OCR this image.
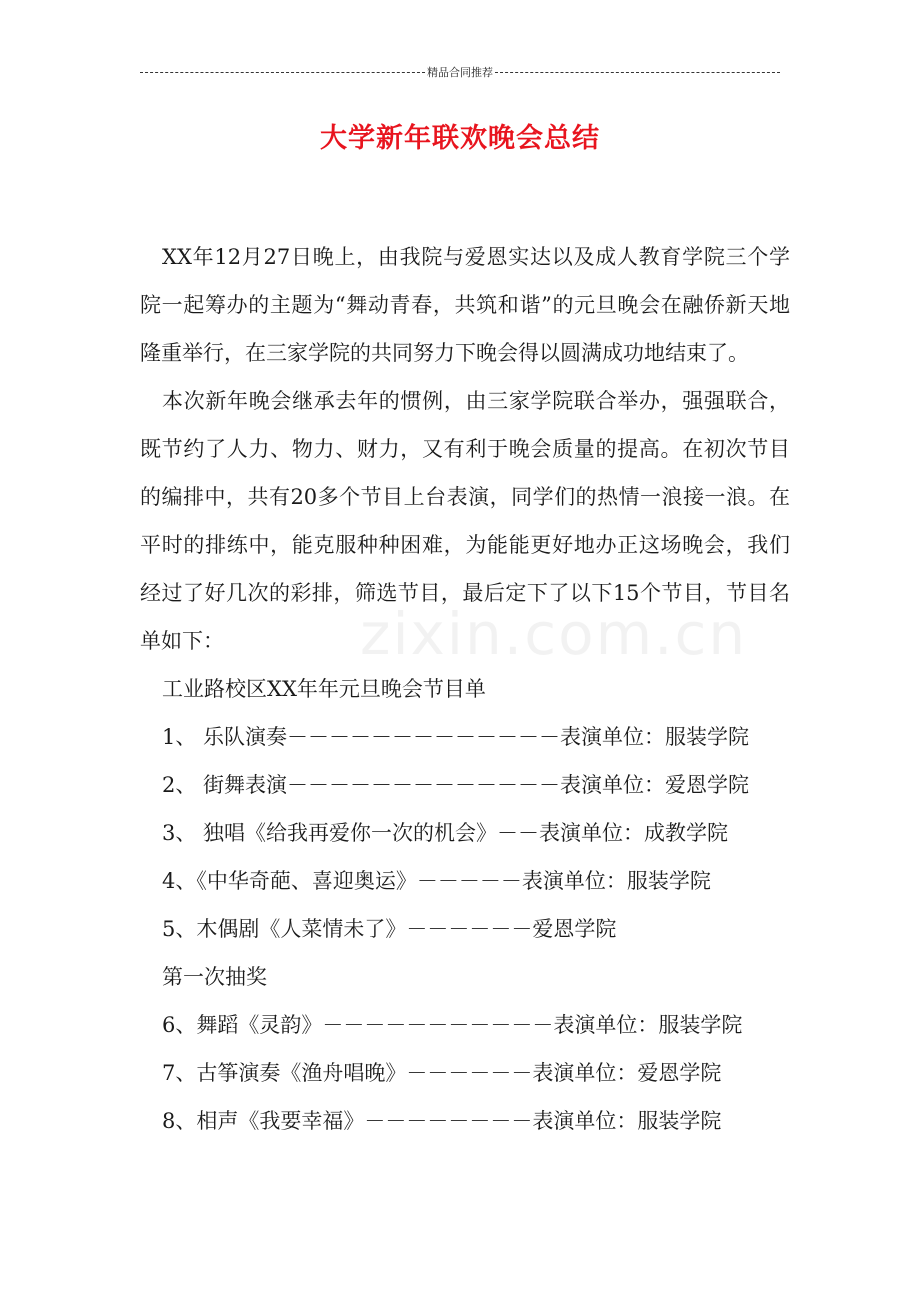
精品合同推荐
大学新年联欢晚会总结
zixin.com.cn

XX年12月27日晚上，由我院与爱恩实达以及成人教育学院三个学院一起筹办的主题为“舞动青春，共筑和谐”的元旦晚会在融侨新天地隆重举行，在三家学院的共同努力下晚会得以圆满成功地结束了。

本次新年晚会继承去年的惯例，由三家学院联合举办，强强联合，既节约了人力、物力、财力，又有利于晚会质量的提高。在初次节目的编排中，共有20多个节目上台表演，同学们的热情一浪接一浪。在平时的排练中，能克服种种困难，为能能更好地办正这场晚会，我们经过了好几次的彩排，筛选节目，最后定下了以下15个节目，节目名单如下：

工业路校区XX年年元旦晚会节目单

1、 乐队演奏－－－－－－－－－－－－－表演单位：服装学院

2、 街舞表演－－－－－－－－－－－－－表演单位：爱恩学院

3、 独唱《给我再爱你一次的机会》－－表演单位：成教学院

4、《中华奇葩、喜迎奥运》－－－－－表演单位：服装学院

5、木偶剧《人菜情未了》－－－－－－爱恩学院

第一次抽奖

6、舞蹈《灵韵》－－－－－－－－－－－表演单位：服装学院

7、古筝演奏《渔舟唱晚》－－－－－－表演单位：爱恩学院

8、相声《我要幸福》－－－－－－－－表演单位：服装学院
